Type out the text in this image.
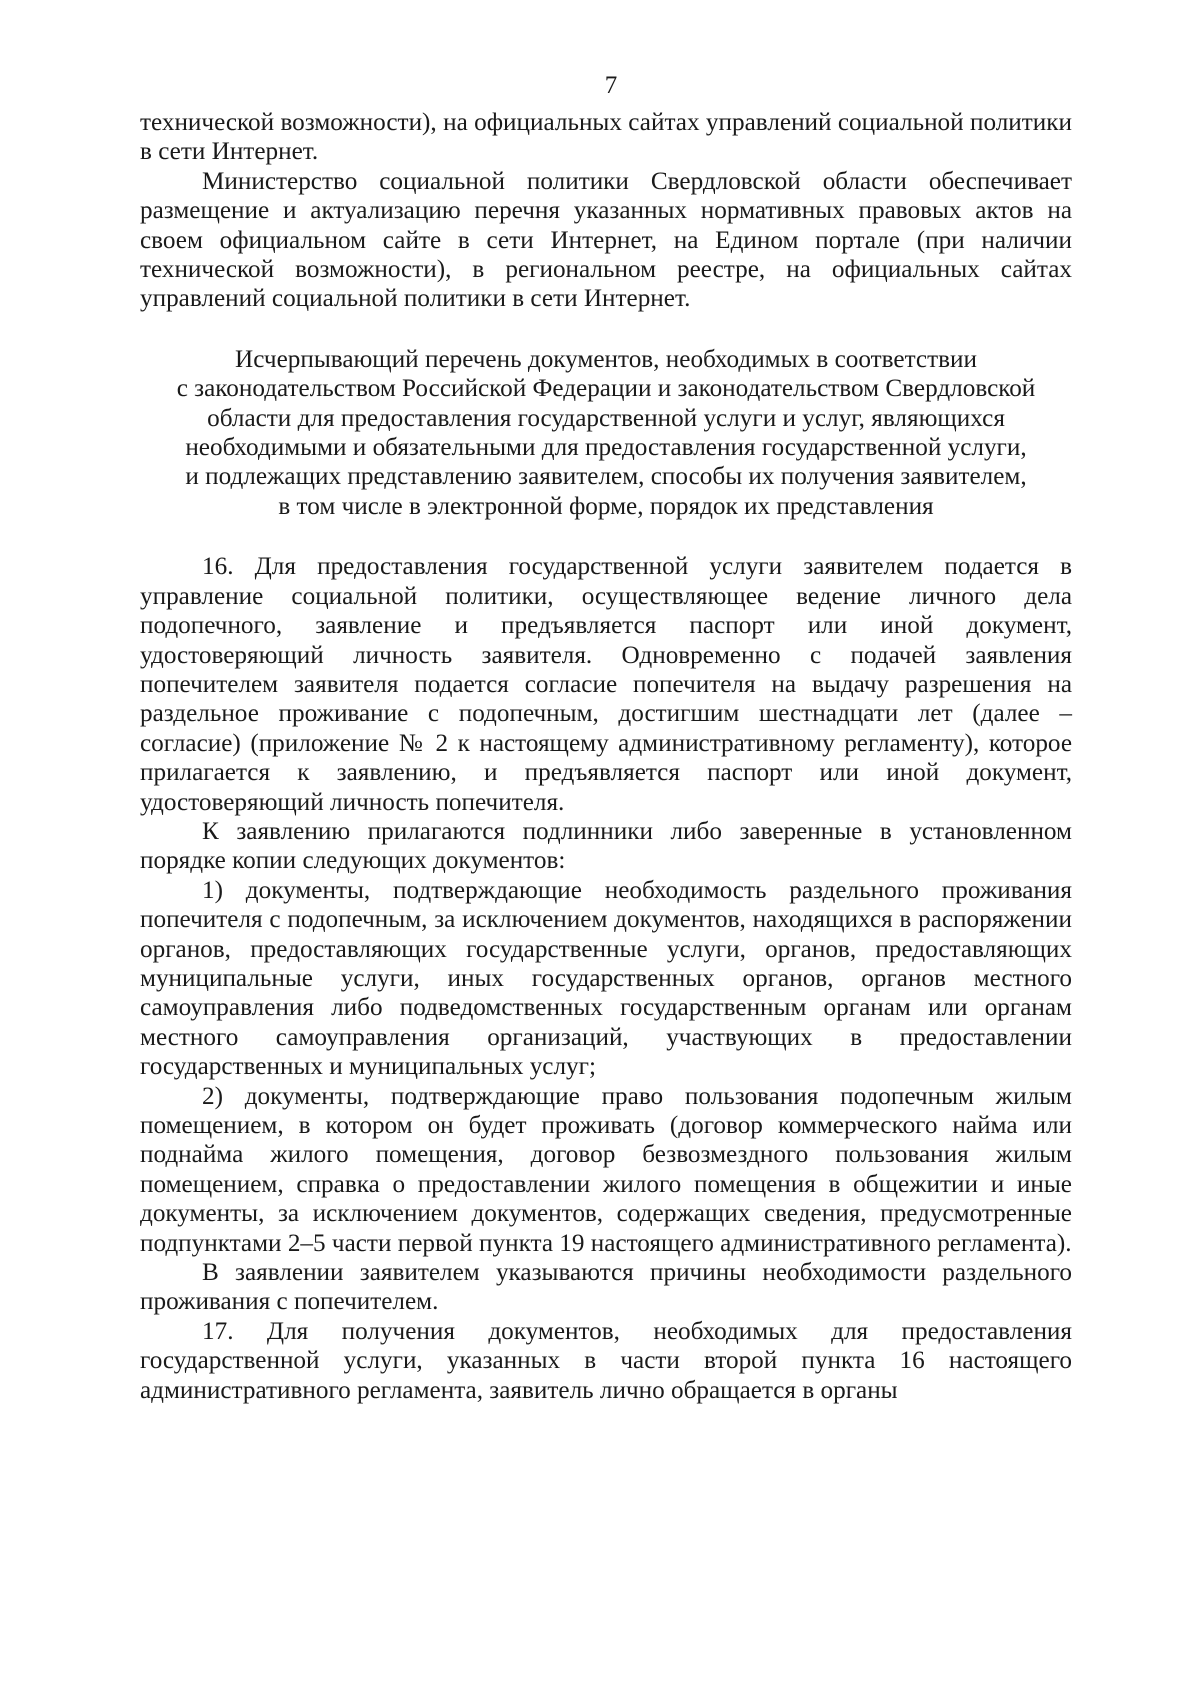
7

технической возможности), на официальных сайтах управлений социальной политики в сети Интернет.

Министерство социальной политики Свердловской области обеспечивает размещение и актуализацию перечня указанных нормативных правовых актов на своем официальном сайте в сети Интернет, на Едином портале (при наличии технической возможности), в региональном реестре, на официальных сайтах управлений социальной политики в сети Интернет.

Исчерпывающий перечень документов, необходимых в соответствии
с законодательством Российской Федерации и законодательством Свердловской
области для предоставления государственной услуги и услуг, являющихся
необходимыми и обязательными для предоставления государственной услуги,
и подлежащих представлению заявителем, способы их получения заявителем,
в том числе в электронной форме, порядок их представления

16. Для предоставления государственной услуги заявителем подается в управление социальной политики, осуществляющее ведение личного дела подопечного, заявление и предъявляется паспорт или иной документ, удостоверяющий личность заявителя. Одновременно с подачей заявления попечителем заявителя подается согласие попечителя на выдачу разрешения на раздельное проживание с подопечным, достигшим шестнадцати лет (далее – согласие) (приложение № 2 к настоящему административному регламенту), которое прилагается к заявлению, и предъявляется паспорт или иной документ, удостоверяющий личность попечителя.

К заявлению прилагаются подлинники либо заверенные в установленном порядке копии следующих документов:

1) документы, подтверждающие необходимость раздельного проживания попечителя с подопечным, за исключением документов, находящихся в распоряжении органов, предоставляющих государственные услуги, органов, предоставляющих муниципальные услуги, иных государственных органов, органов местного самоуправления либо подведомственных государственным органам или органам местного самоуправления организаций, участвующих в предоставлении государственных и муниципальных услуг;

2) документы, подтверждающие право пользования подопечным жилым помещением, в котором он будет проживать (договор коммерческого найма или поднайма жилого помещения, договор безвозмездного пользования жилым помещением, справка о предоставлении жилого помещения в общежитии и иные документы, за исключением документов, содержащих сведения, предусмотренные подпунктами 2–5 части первой пункта 19 настоящего административного регламента).

В заявлении заявителем указываются причины необходимости раздельного проживания с попечителем.

17. Для получения документов, необходимых для предоставления государственной услуги, указанных в части второй пункта 16 настоящего административного регламента, заявитель лично обращается в органы
